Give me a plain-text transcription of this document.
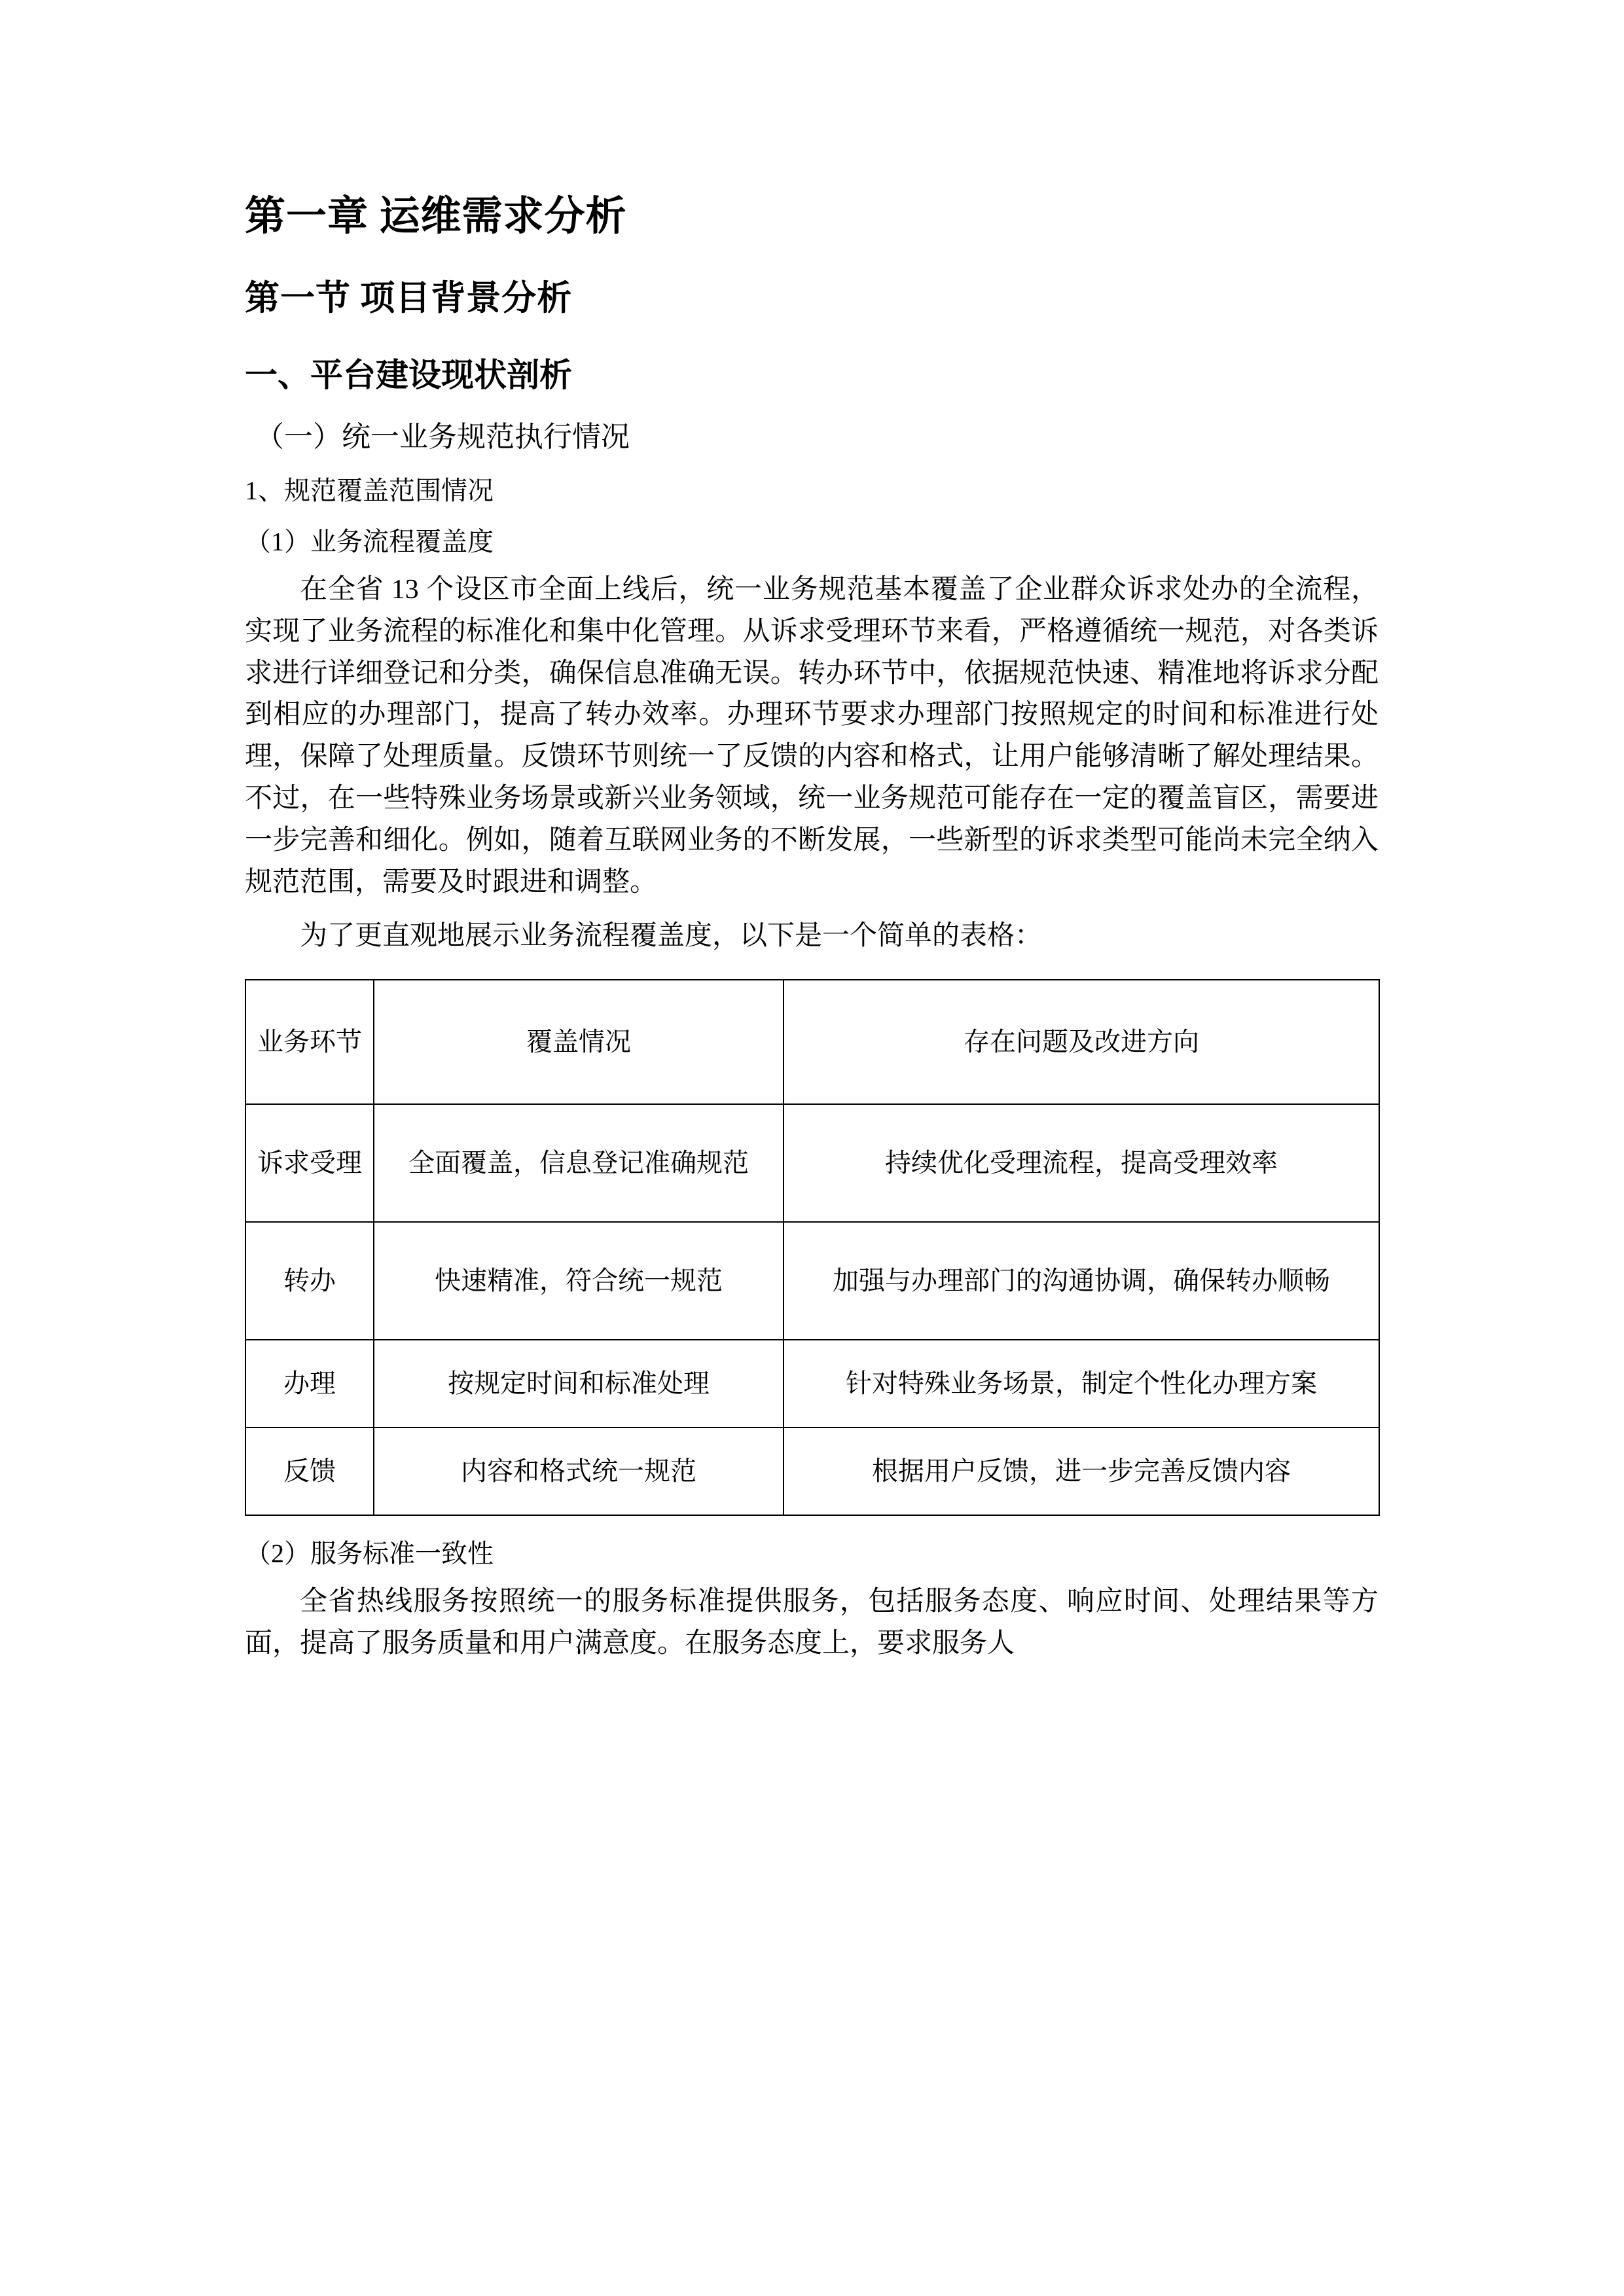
第一章 运维需求分析
第一节 项目背景分析
一、平台建设现状剖析
（一）统一业务规范执行情况
1、规范覆盖范围情况
（1）业务流程覆盖度

在全省 13 个设区市全面上线后，统一业务规范基本覆盖了企业群众诉求处办的全流程，实现了业务流程的标准化和集中化管理。从诉求受理环节来看，严格遵循统一规范，对各类诉求进行详细登记和分类，确保信息准确无误。转办环节中，依据规范快速、精准地将诉求分配到相应的办理部门，提高了转办效率。办理环节要求办理部门按照规定的时间和标准进行处理，保障了处理质量。反馈环节则统一了反馈的内容和格式，让用户能够清晰了解处理结果。不过，在一些特殊业务场景或新兴业务领域，统一业务规范可能存在一定的覆盖盲区，需要进一步完善和细化。例如，随着互联网业务的不断发展，一些新型的诉求类型可能尚未完全纳入规范范围，需要及时跟进和调整。

为了更直观地展示业务流程覆盖度，以下是一个简单的表格：

业务环节	覆盖情况	存在问题及改进方向
诉求受理	全面覆盖，信息登记准确规范	持续优化受理流程，提高受理效率
转办	快速精准，符合统一规范	加强与办理部门的沟通协调，确保转办顺畅
办理	按规定时间和标准处理	针对特殊业务场景，制定个性化办理方案
反馈	内容和格式统一规范	根据用户反馈，进一步完善反馈内容
（2）服务标准一致性

全省热线服务按照统一的服务标准提供服务，包括服务态度、响应时间、处理结果等方面，提高了服务质量和用户满意度。在服务态度上，要求服务人
